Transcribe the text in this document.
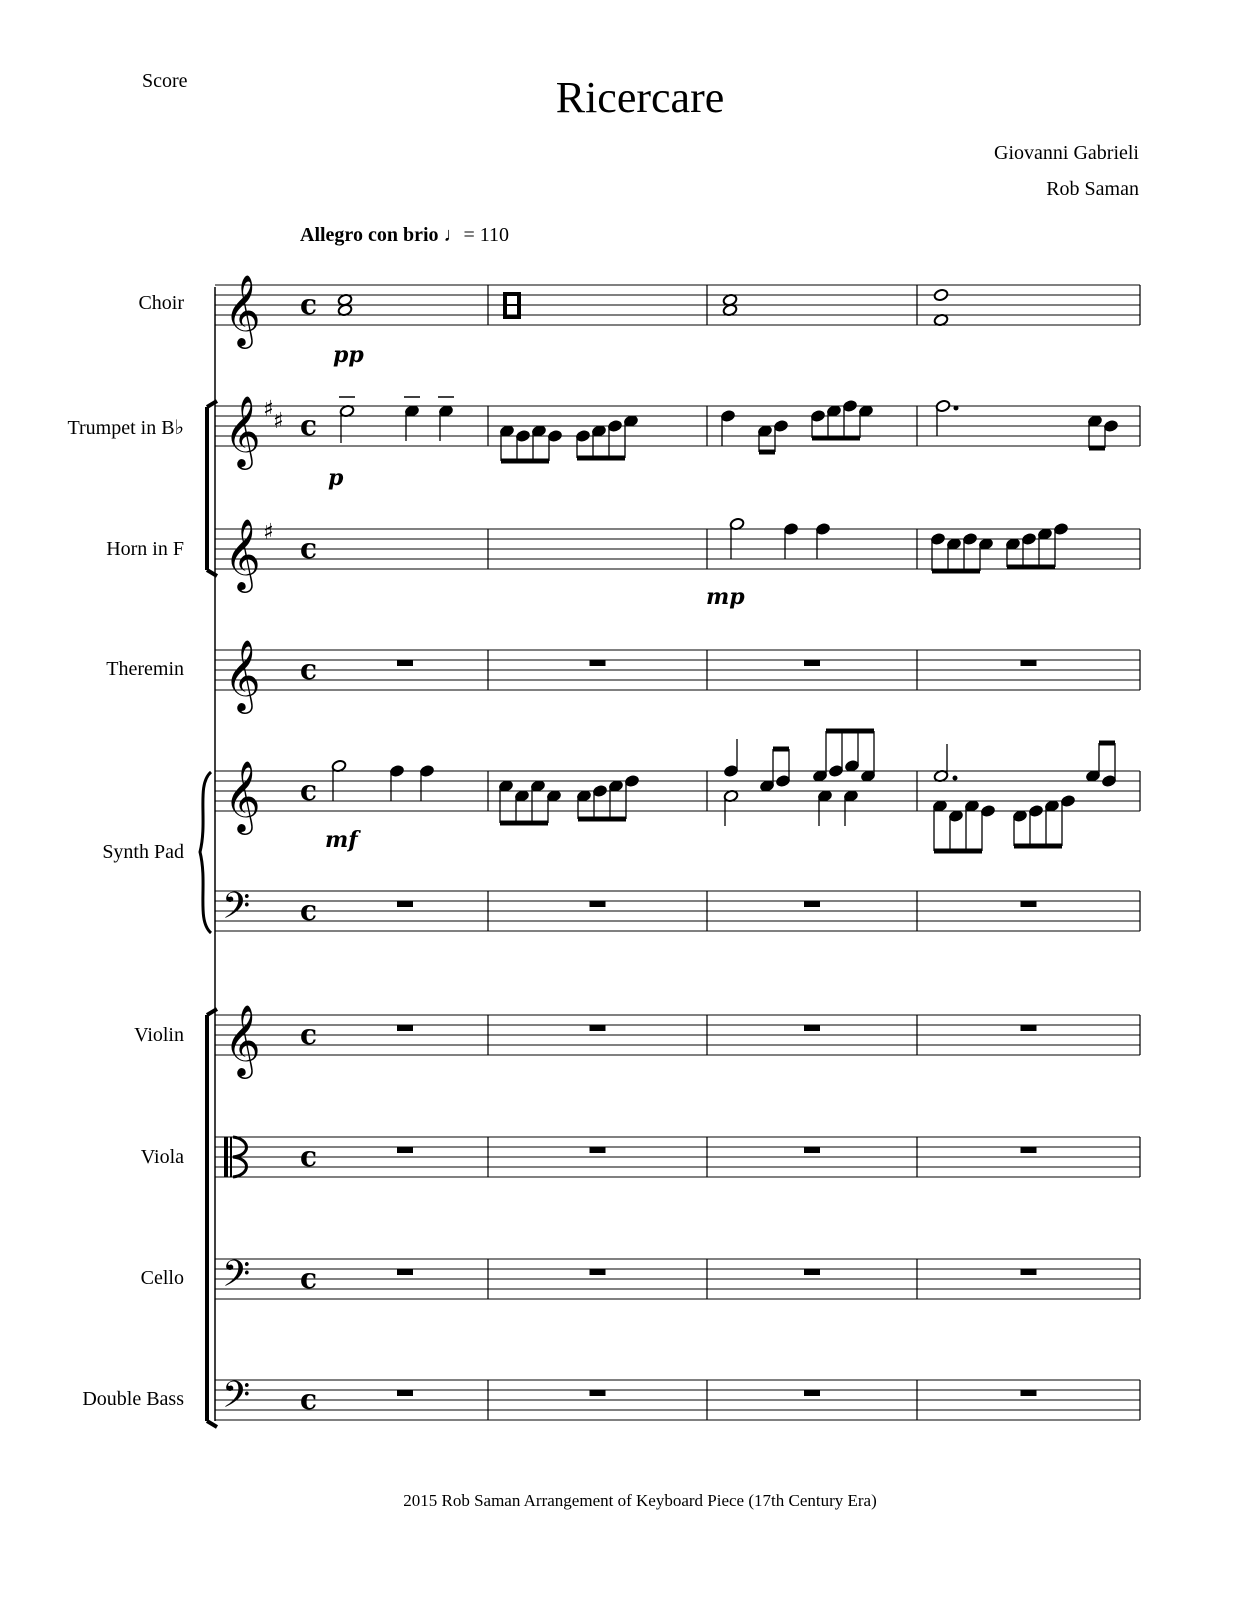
Score	Ricercare
Giovanni Gabrieli
Rob Saman
Allegro con brio ♩= 110
Choir
Trumpet in B♭
Horn in F
Theremin
Synth Pad
Violin
Viola
Cello
Double Bass
2015 Rob Saman Arrangement of Keyboard Piece (17th Century Era)
𝄞 c
𝄞 ♯ ♯ c
𝄞 ♯ c
𝄞 c
𝄞 c
𝄢 c
𝄞 c
c
𝄢 c
𝄢 c
pp
p
mp
mf
